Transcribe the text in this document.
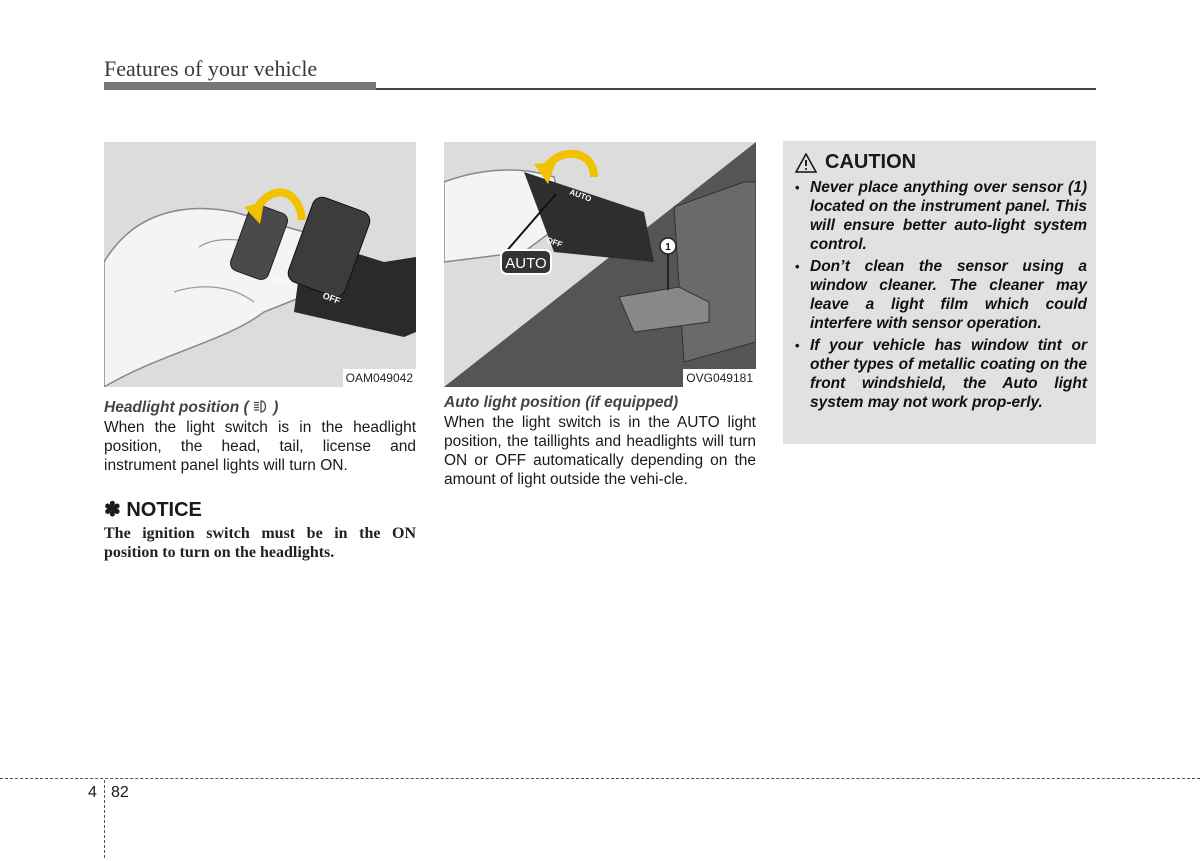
Features of your vehicle
OFF
OFF
OAM049042
AUTO
OFF
AUTO
1
OVG049181

Headlight position ( )

When the light switch is in the headlight position, the head, tail, license and instrument panel lights will turn ON.

✽ NOTICE

The ignition switch must be in the ON position to turn on the headlights.

Auto light position (if equipped)

When the light switch is in the AUTO light position, the taillights and headlights will turn ON or OFF automatically depending on the amount of light outside the vehi-cle.

CAUTION
• Never place anything over sensor (1) located on the instrument panel. This will ensure better auto-light system control.
• Don’t clean the sensor using a window cleaner. The cleaner may leave a light film which could interfere with sensor operation.
• If your vehicle has window tint or other types of metallic coating on the front windshield, the Auto light system may not work prop-erly.
4 82
